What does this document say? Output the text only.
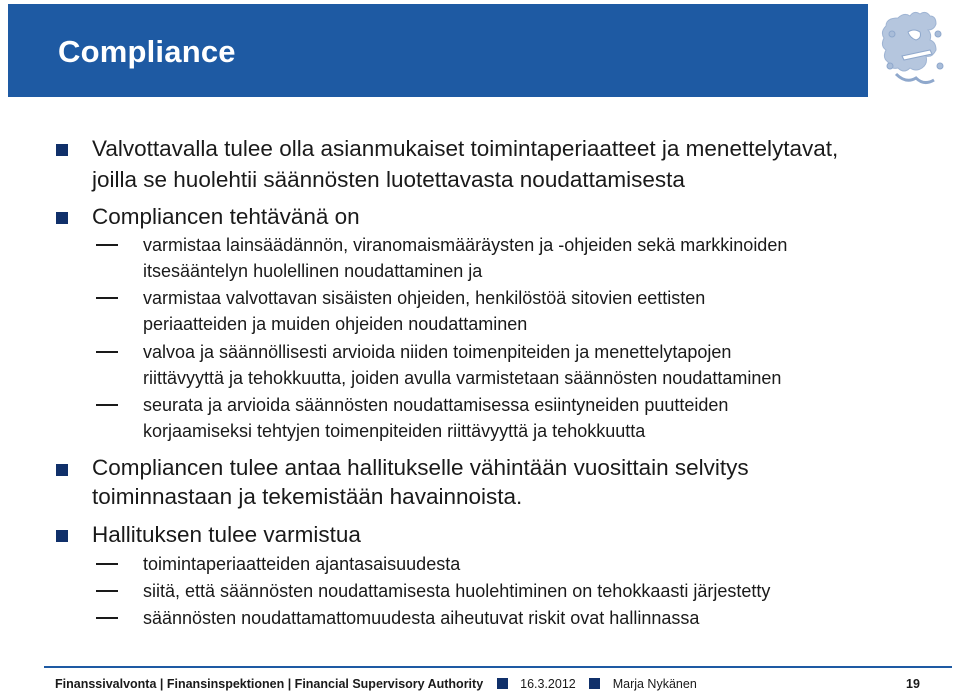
Compliance
Valvottavalla tulee olla asianmukaiset toimintaperiaatteet ja menettelytavat,
joilla se huolehtii säännösten luotettavasta noudattamisesta
Compliancen tehtävänä on
varmistaa lainsäädännön, viranomaismääräysten ja -ohjeiden sekä markkinoiden
itsesääntelyn huolellinen noudattaminen ja
varmistaa valvottavan sisäisten ohjeiden, henkilöstöä sitovien eettisten
periaatteiden ja muiden ohjeiden noudattaminen
valvoa ja säännöllisesti arvioida niiden toimenpiteiden ja menettelytapojen
riittävyyttä ja tehokkuutta, joiden avulla varmistetaan säännösten noudattaminen
seurata ja arvioida säännösten noudattamisessa esiintyneiden puutteiden
korjaamiseksi tehtyjen toimenpiteiden riittävyyttä ja tehokkuutta
Compliancen tulee antaa hallitukselle vähintään vuosittain selvitys
toiminnastaan ja tekemistään havainnoista.
Hallituksen tulee varmistua
toimintaperiaatteiden ajantasaisuudesta
siitä, että säännösten noudattamisesta huolehtiminen on tehokkaasti järjestetty
säännösten noudattamattomuudesta aiheutuvat riskit ovat hallinnassa
Finanssivalvonta | Finansinspektionen | Financial Supervisory Authority	16.3.2012	Marja Nykänen	19
